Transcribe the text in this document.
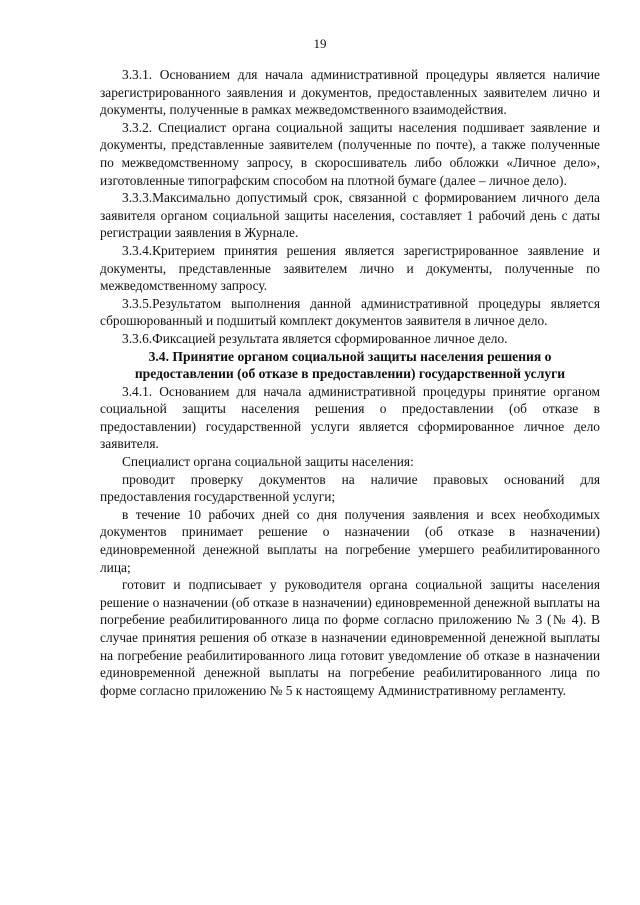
19

3.3.1. Основанием для начала административной процедуры является наличие зарегистрированного заявления и документов, предоставленных заявителем лично и документы, полученные в рамках межведомственного взаимодействия.

3.3.2. Специалист органа социальной защиты населения подшивает заявление и документы, представленные заявителем (полученные по почте), а также полученные по межведомственному запросу, в скоросшиватель либо обложки «Личное дело», изготовленные типографским способом на плотной бумаге (далее – личное дело).

3.3.3.Максимально допустимый срок, связанной с формированием личного дела заявителя органом социальной защиты населения, составляет 1 рабочий день с даты регистрации заявления в Журнале.

3.3.4.Критерием принятия решения является зарегистрированное заявление и документы, представленные заявителем лично и документы, полученные по межведомственному запросу.

3.3.5.Результатом выполнения данной административной процедуры является сброшюрованный и подшитый комплект документов заявителя в личное дело.

3.3.6.Фиксацией результата является сформированное личное дело.

3.4. Принятие органом социальной защиты населения решения о предоставлении (об отказе в предоставлении) государственной услуги

3.4.1. Основанием для начала административной процедуры принятие органом социальной защиты населения решения о предоставлении (об отказе в предоставлении) государственной услуги является сформированное личное дело заявителя.

Специалист органа социальной защиты населения:

проводит проверку документов на наличие правовых оснований для предоставления государственной услуги;

в течение 10 рабочих дней со дня получения заявления и всех необходимых документов принимает решение о назначении (об отказе в назначении) единовременной денежной выплаты на погребение умершего реабилитированного лица;

готовит и подписывает у руководителя органа социальной защиты населения решение о назначении (об отказе в назначении) единовременной денежной выплаты на погребение реабилитированного лица по форме согласно приложению № 3 (№ 4). В случае принятия решения об отказе в назначении единовременной денежной выплаты на погребение реабилитированного лица готовит уведомление об отказе в назначении единовременной денежной выплаты на погребение реабилитированного лица по форме согласно приложению № 5 к настоящему Административному регламенту.
